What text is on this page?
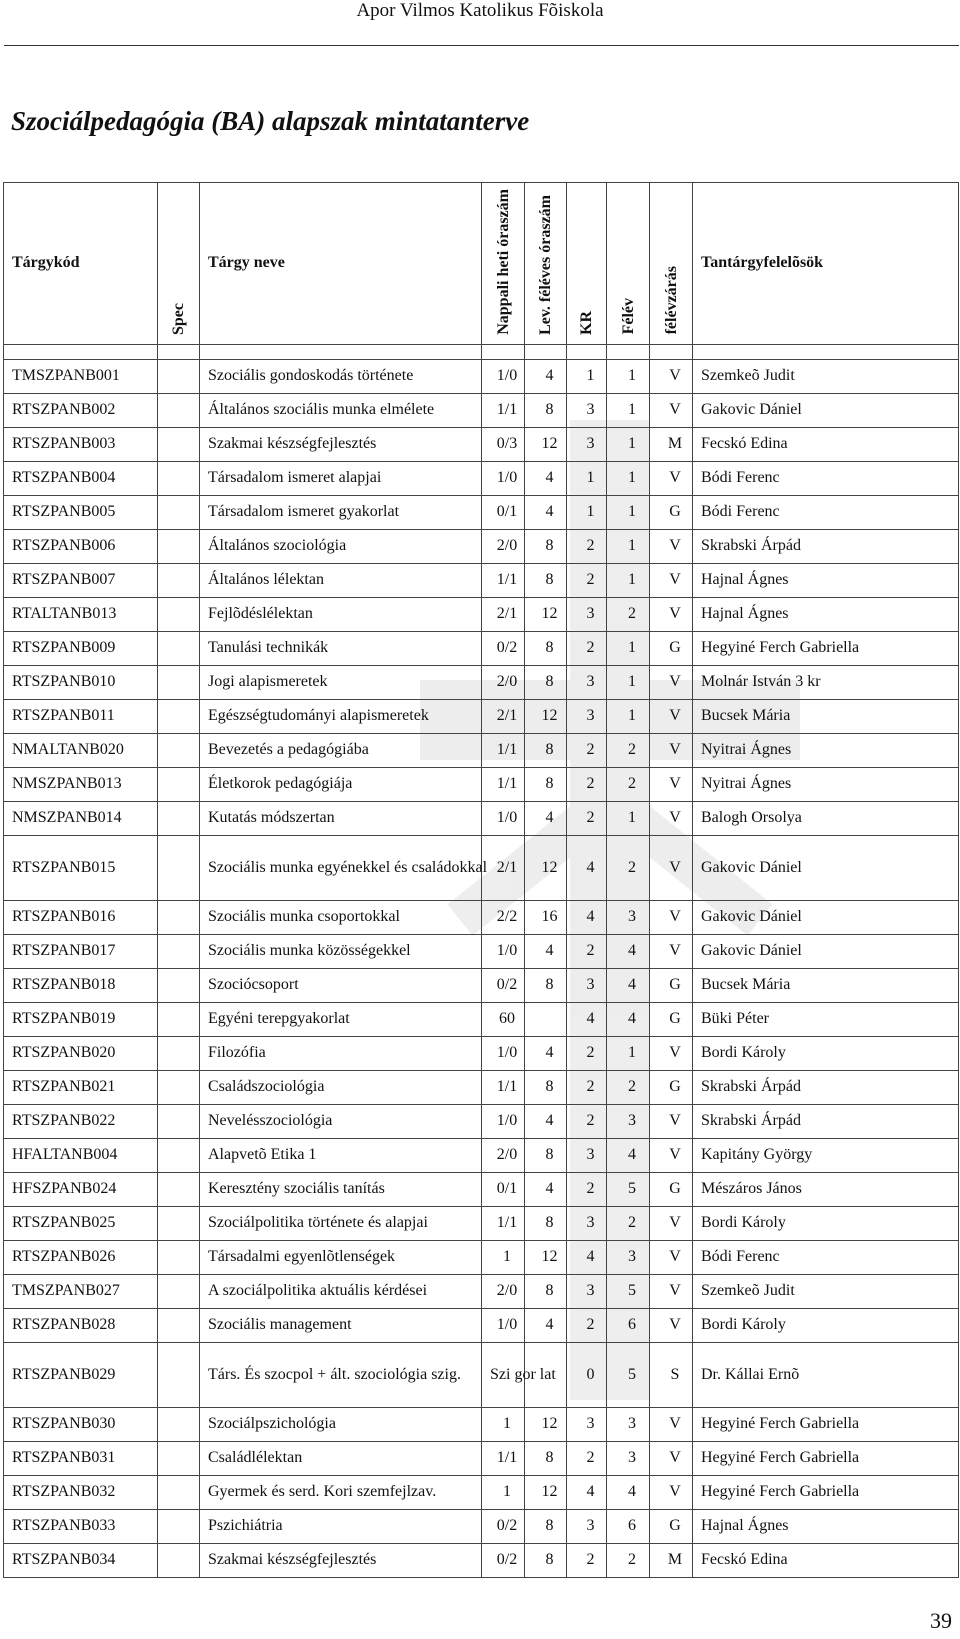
Apor Vilmos Katolikus Fõiskola
Szociálpedagógia (BA) alapszak mintatanterve
Tárgykód	Spec	Tárgy neve	Nappali heti óraszám	Lev. féléves óraszám	KR	Félév	félévzárás	Tantárgyfelelõsök

TMSZPANB001		Szociális gondoskodás története	1/0	4	1	1	V	Szemkeõ Judit
RTSZPANB002		Általános szociális munka elmélete	1/1	8	3	1	V	Gakovic Dániel
RTSZPANB003		Szakmai készségfejlesztés	0/3	12	3	1	M	Fecskó Edina
RTSZPANB004		Társadalom ismeret alapjai	1/0	4	1	1	V	Bódi Ferenc
RTSZPANB005		Társadalom ismeret gyakorlat	0/1	4	1	1	G	Bódi Ferenc
RTSZPANB006		Általános szociológia	2/0	8	2	1	V	Skrabski Árpád
RTSZPANB007		Általános lélektan	1/1	8	2	1	V	Hajnal Ágnes
RTALTANB013		Fejlõdéslélektan	2/1	12	3	2	V	Hajnal Ágnes
RTSZPANB009		Tanulási technikák	0/2	8	2	1	G	Hegyiné Ferch Gabriella
RTSZPANB010		Jogi alapismeretek	2/0	8	3	1	V	Molnár István 3 kr
RTSZPANB011		Egészségtudományi alapismeretek	2/1	12	3	1	V	Bucsek Mária
NMALTANB020		Bevezetés a pedagógiába	1/1	8	2	2	V	Nyitrai Ágnes
NMSZPANB013		Életkorok pedagógiája	1/1	8	2	2	V	Nyitrai Ágnes
NMSZPANB014		Kutatás módszertan	1/0	4	2	1	V	Balogh Orsolya
RTSZPANB015		Szociális munka egyénekkel és családokkal	2/1	12	4	2	V	Gakovic Dániel
RTSZPANB016		Szociális munka csoportokkal	2/2	16	4	3	V	Gakovic Dániel
RTSZPANB017		Szociális munka közösségekkel	1/0	4	2	4	V	Gakovic Dániel
RTSZPANB018		Szociócsoport	0/2	8	3	4	G	Bucsek Mária
RTSZPANB019		Egyéni terepgyakorlat	60		4	4	G	Büki Péter
RTSZPANB020		Filozófia	1/0	4	2	1	V	Bordi Károly
RTSZPANB021		Családszociológia	1/1	8	2	2	G	Skrabski Árpád
RTSZPANB022		Nevelésszociológia	1/0	4	2	3	V	Skrabski Árpád
HFALTANB004		Alapvetõ Etika 1	2/0	8	3	4	V	Kapitány György
HFSZPANB024		Keresztény szociális tanítás	0/1	4	2	5	G	Mészáros János
RTSZPANB025		Szociálpolitika története és alapjai	1/1	8	3	2	V	Bordi Károly
RTSZPANB026		Társadalmi egyenlõtlenségek	1	12	4	3	V	Bódi Ferenc
TMSZPANB027		A szociálpolitika aktuális kérdései	2/0	8	3	5	V	Szemkeõ Judit
RTSZPANB028		Szociális management	1/0	4	2	6	V	Bordi Károly
RTSZPANB029		Társ. És szocpol + ált. szociológia szig.	Szi gor lat		0	5	S	Dr. Kállai Ernõ
RTSZPANB030		Szociálpszichológia	1	12	3	3	V	Hegyiné Ferch Gabriella
RTSZPANB031		Családlélektan	1/1	8	2	3	V	Hegyiné Ferch Gabriella
RTSZPANB032		Gyermek és serd. Kori szemfejlzav.	1	12	4	4	V	Hegyiné Ferch Gabriella
RTSZPANB033		Pszichiátria	0/2	8	3	6	G	Hajnal Ágnes
RTSZPANB034		Szakmai készségfejlesztés	0/2	8	2	2	M	Fecskó Edina
39
